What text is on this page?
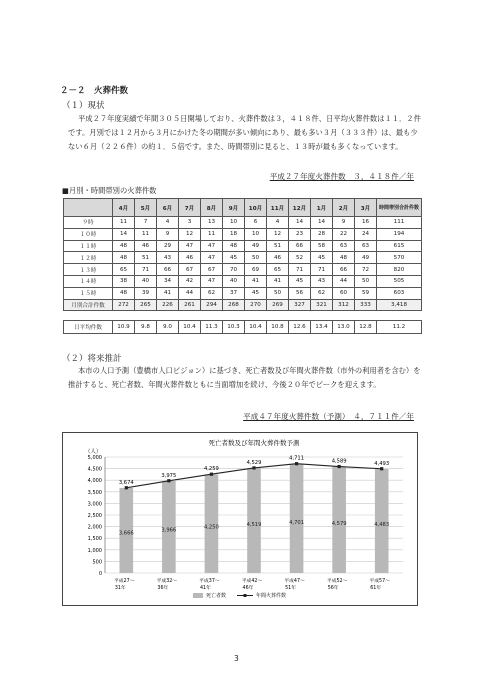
２－２　火葬件数
（１）現状
平成２７年度実績で年間３０５日開場しており、火葬件数は３，４１８件、日平均火葬件数は１１．２件です。月別では１２月から３月にかけた冬の期間が多い傾向にあり、最も多い３月（３３３件）は、最も少ない６月（２２６件）の約１．５倍です。また、時間帯別に見ると、１３時が最も多くなっています。
平成２７年度火葬件数　３，４１８件／年
■月別・時間帯別の火葬件数
	4月	5月	6月	7月	8月	9月	10月	11月	12月	1月	2月	3月	時間帯別合計件数
９時	11	7	4	3	13	10	6	4	14	14	9	16	111
１０時	14	11	9	12	11	18	10	12	23	28	22	24	194
１１時	48	46	29	47	47	48	49	51	66	58	63	63	615
１２時	48	51	43	46	47	45	50	46	52	45	48	49	570
１３時	65	71	66	67	67	70	69	65	71	71	66	72	820
１４時	38	40	34	42	47	40	41	41	45	43	44	50	505
１５時	48	39	41	44	62	37	45	50	56	62	60	59	603
月別合計件数	272	265	226	261	294	268	270	269	327	321	312	333	3,418
日平均件数	10.9	9.8	9.0	10.4	11.3	10.3	10.4	10.8	12.6	13.4	13.0	12.8	11.2
（２）将来推計
本市の人口予測（豊橋市人口ビジョン）に基づき、死亡者数及び年間火葬件数（市外の利用者を含む）を推計すると、死亡者数、年間火葬件数ともに当面増加を続け、今後２０年でピークを迎えます。
平成４７年度火葬件数（予測）　４，７１１件／年
死亡者数及び年間火葬件数予測
（人）
0
500
1,000
1,500
2,000
2,500
3,000
3,500
4,000
4,500
5,000
3,666
平成27～
31年
3,966
平成32～
36年
4,250
平成37～
41年
4,519
平成42～
46年
4,701
平成47～
51年
4,579
平成52～
56年
4,483
平成57～
61年
3,674
3,975
4,259
4,529
4,711	4,589	4,493
死亡者数	年間火葬件数
3
